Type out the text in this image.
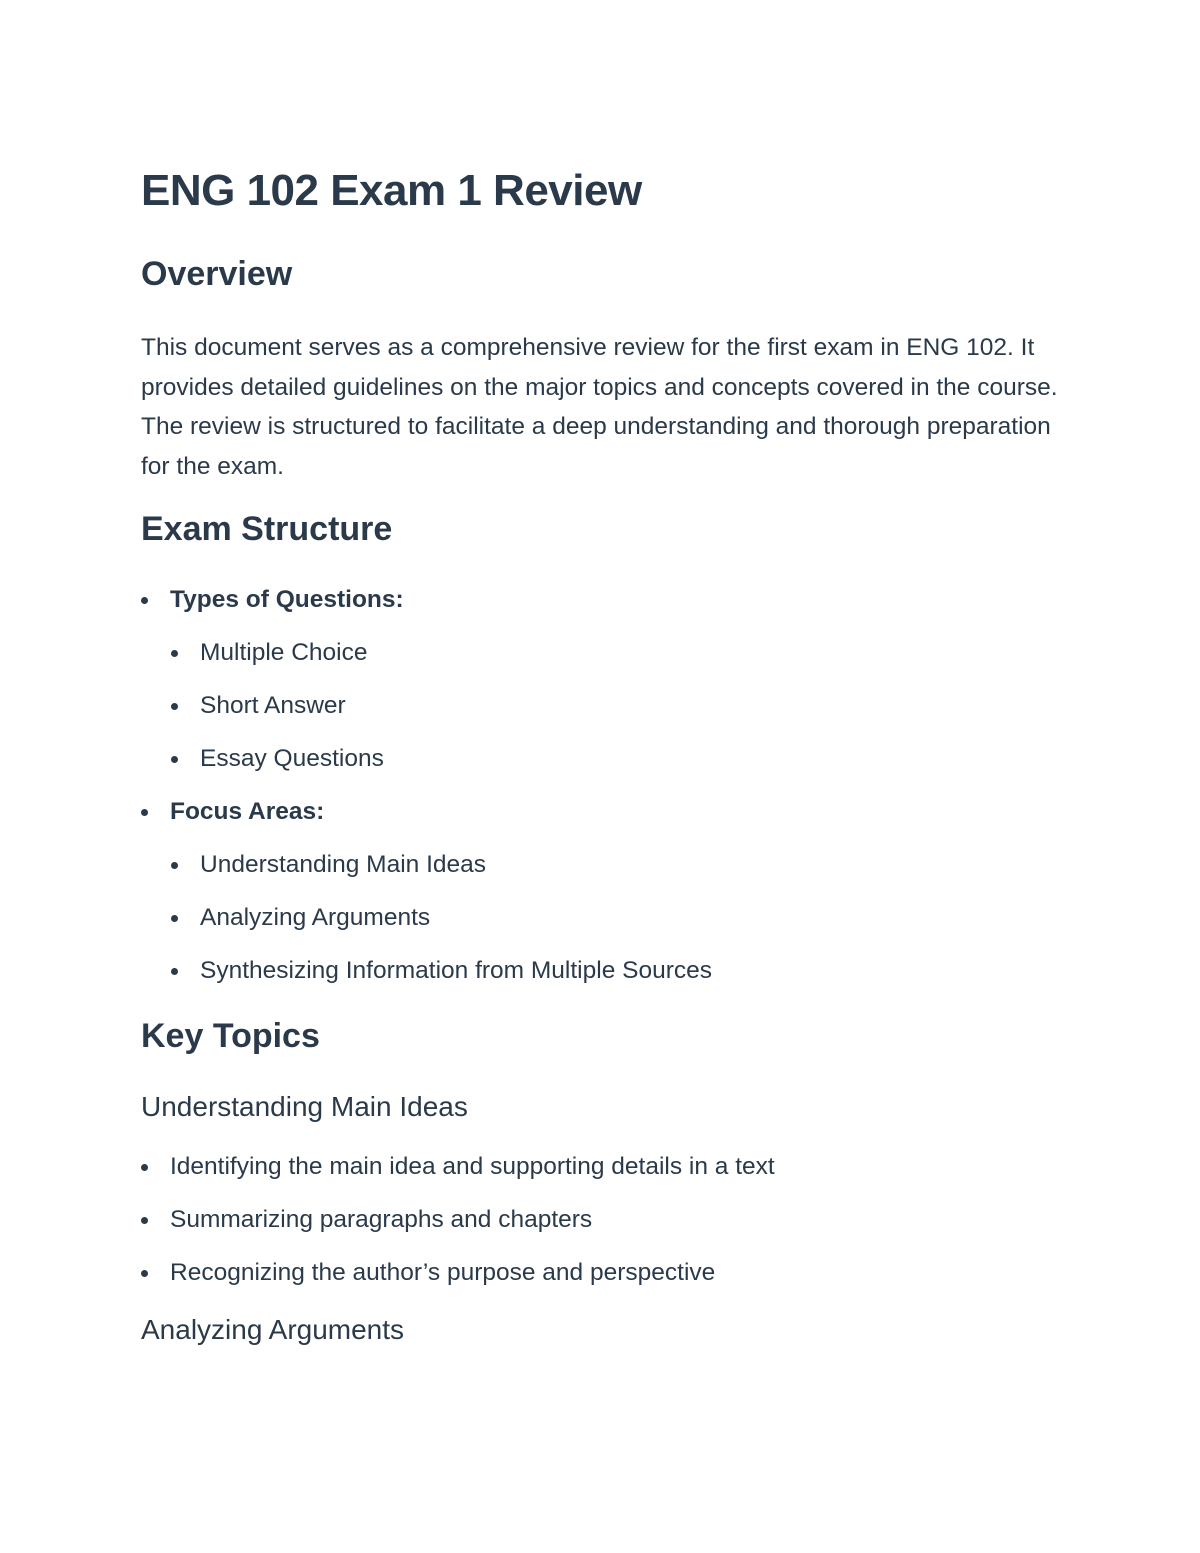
ENG 102 Exam 1 Review
Overview

This document serves as a comprehensive review for the first exam in ENG 102. It provides detailed guidelines on the major topics and concepts covered in the course. The review is structured to facilitate a deep understanding and thorough preparation for the exam.

Exam Structure
Types of Questions:
Multiple Choice
Short Answer
Essay Questions
Focus Areas:
Understanding Main Ideas
Analyzing Arguments
Synthesizing Information from Multiple Sources
Key Topics
Understanding Main Ideas
Identifying the main idea and supporting details in a text
Summarizing paragraphs and chapters
Recognizing the author’s purpose and perspective
Analyzing Arguments
